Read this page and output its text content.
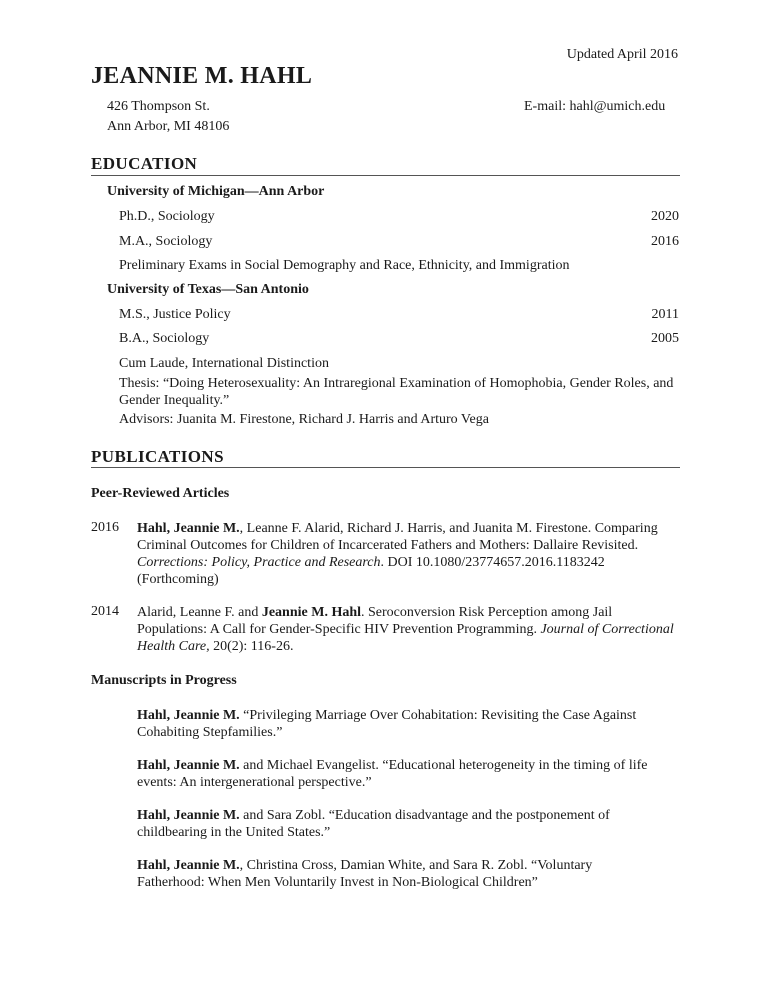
Updated April 2016
JEANNIE M. HAHL
426 Thompson St.
Ann Arbor, MI 48106
E-mail: hahl@umich.edu
EDUCATION
University of Michigan—Ann Arbor
Ph.D., Sociology	2020
M.A., Sociology	2016
Preliminary Exams in Social Demography and Race, Ethnicity, and Immigration
University of Texas—San Antonio
M.S., Justice Policy	2011
B.A., Sociology	2005
Cum Laude, International Distinction
Thesis: “Doing Heterosexuality: An Intraregional Examination of Homophobia, Gender Roles, and Gender Inequality.”
Advisors: Juanita M. Firestone, Richard J. Harris and Arturo Vega
PUBLICATIONS
Peer-Reviewed Articles
2016 Hahl, Jeannie M., Leanne F. Alarid, Richard J. Harris, and Juanita M. Firestone. Comparing Criminal Outcomes for Children of Incarcerated Fathers and Mothers: Dallaire Revisited. Corrections: Policy, Practice and Research. DOI 10.1080/23774657.2016.1183242 (Forthcoming)
2014 Alarid, Leanne F. and Jeannie M. Hahl. Seroconversion Risk Perception among Jail Populations: A Call for Gender-Specific HIV Prevention Programming. Journal of Correctional Health Care, 20(2): 116-26.
Manuscripts in Progress
Hahl, Jeannie M. “Privileging Marriage Over Cohabitation: Revisiting the Case Against Cohabiting Stepfamilies.”
Hahl, Jeannie M. and Michael Evangelist. “Educational heterogeneity in the timing of life events: An intergenerational perspective.”
Hahl, Jeannie M. and Sara Zobl. “Education disadvantage and the postponement of childbearing in the United States.”
Hahl, Jeannie M., Christina Cross, Damian White, and Sara R. Zobl. “Voluntary Fatherhood: When Men Voluntarily Invest in Non-Biological Children”
